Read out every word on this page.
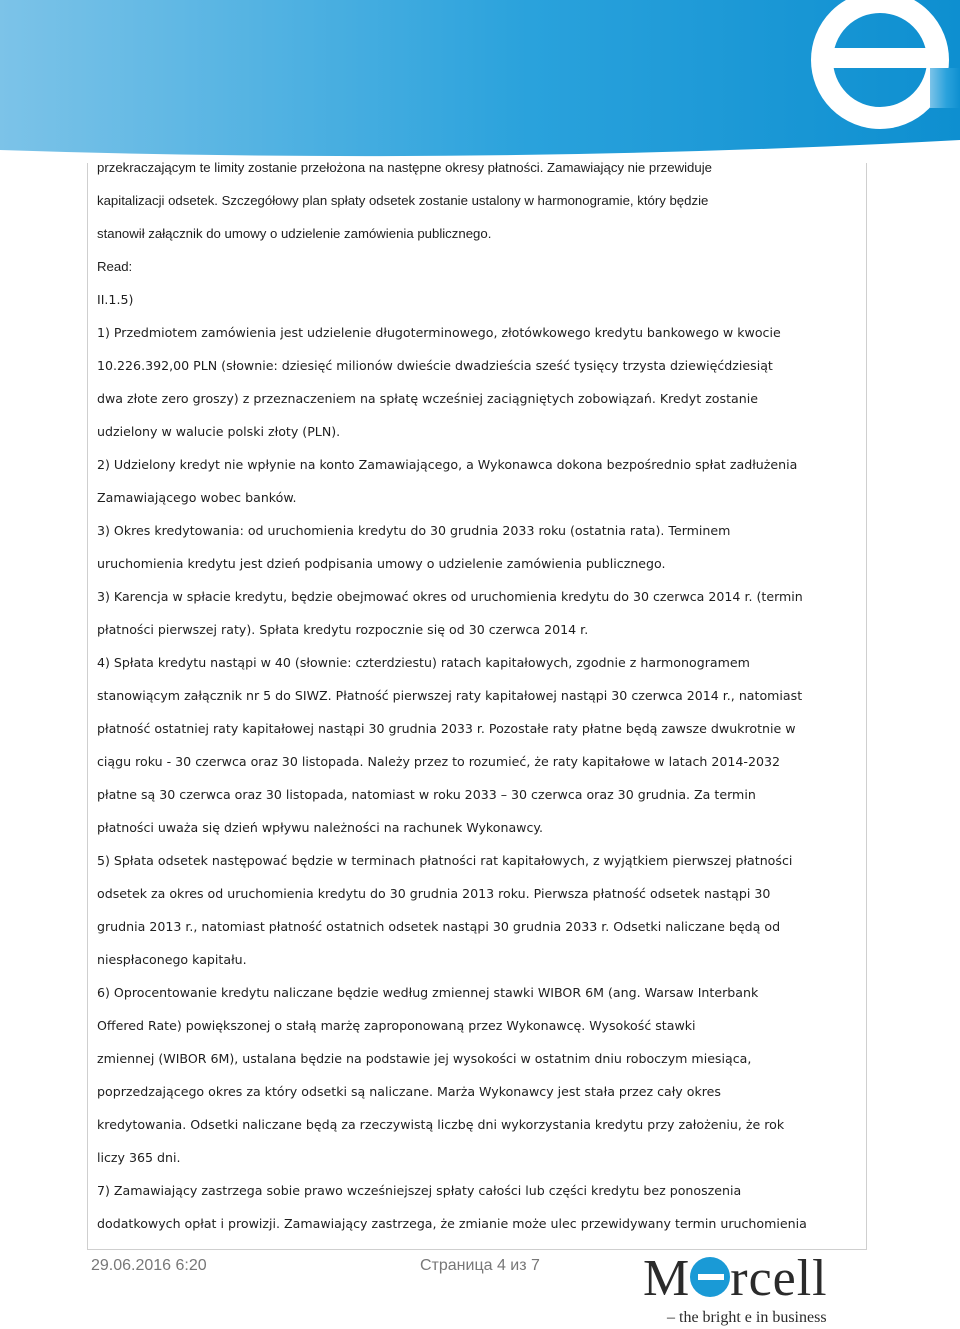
przekraczającym te limity zostanie przełożona na następne okresy płatności. Zamawiający nie przewiduje
kapitalizacji odsetek. Szczegółowy plan spłaty odsetek zostanie ustalony w harmonogramie, który będzie
stanowił załącznik do umowy o udzielenie zamówienia publicznego.
Read:
II.1.5)
1) Przedmiotem zamówienia jest udzielenie długoterminowego, złotówkowego kredytu bankowego w kwocie
10.226.392,00 PLN (słownie: dziesięć milionów dwieście dwadzieścia sześć tysięcy trzysta dziewięćdziesiąt
dwa złote zero groszy) z przeznaczeniem na spłatę wcześniej zaciągniętych zobowiązań. Kredyt zostanie
udzielony w walucie polski złoty (PLN).
2) Udzielony kredyt nie wpłynie na konto Zamawiającego, a Wykonawca dokona bezpośrednio spłat zadłużenia
Zamawiającego wobec banków.
3) Okres kredytowania: od uruchomienia kredytu do 30 grudnia 2033 roku (ostatnia rata). Terminem
uruchomienia kredytu jest dzień podpisania umowy o udzielenie zamówienia publicznego.
3) Karencja w spłacie kredytu, będzie obejmować okres od uruchomienia kredytu do 30 czerwca 2014 r. (termin
płatności pierwszej raty). Spłata kredytu rozpocznie się od 30 czerwca 2014 r.
4) Spłata kredytu nastąpi w 40 (słownie: czterdziestu) ratach kapitałowych, zgodnie z harmonogramem
stanowiącym załącznik nr 5 do SIWZ. Płatność pierwszej raty kapitałowej nastąpi 30 czerwca 2014 r., natomiast
płatność ostatniej raty kapitałowej nastąpi 30 grudnia 2033 r. Pozostałe raty płatne będą zawsze dwukrotnie w
ciągu roku - 30 czerwca oraz 30 listopada. Należy przez to rozumieć, że raty kapitałowe w latach 2014-2032
płatne są 30 czerwca oraz 30 listopada, natomiast w roku 2033 – 30 czerwca oraz 30 grudnia. Za termin
płatności uważa się dzień wpływu należności na rachunek Wykonawcy.
5) Spłata odsetek następować będzie w terminach płatności rat kapitałowych, z wyjątkiem pierwszej płatności
odsetek za okres od uruchomienia kredytu do 30 grudnia 2013 roku. Pierwsza płatność odsetek nastąpi 30
grudnia 2013 r., natomiast płatność ostatnich odsetek nastąpi 30 grudnia 2033 r. Odsetki naliczane będą od
niespłaconego kapitału.
6) Oprocentowanie kredytu naliczane będzie według zmiennej stawki WIBOR 6M (ang. Warsaw Interbank
Offered Rate) powiększonej o stałą marżę zaproponowaną przez Wykonawcę. Wysokość stawki
zmiennej (WIBOR 6M), ustalana będzie na podstawie jej wysokości w ostatnim dniu roboczym miesiąca,
poprzedzającego okres za który odsetki są naliczane. Marża Wykonawcy jest stała przez cały okres
kredytowania. Odsetki naliczane będą za rzeczywistą liczbę dni wykorzystania kredytu przy założeniu, że rok
liczy 365 dni.
7) Zamawiający zastrzega sobie prawo wcześniejszej spłaty całości lub części kredytu bez ponoszenia
dodatkowych opłat i prowizji. Zamawiający zastrzega, że zmianie może ulec przewidywany termin uruchomienia
29.06.2016 6:20	Страница 4 из 7 M rcell
– the bright e in business
